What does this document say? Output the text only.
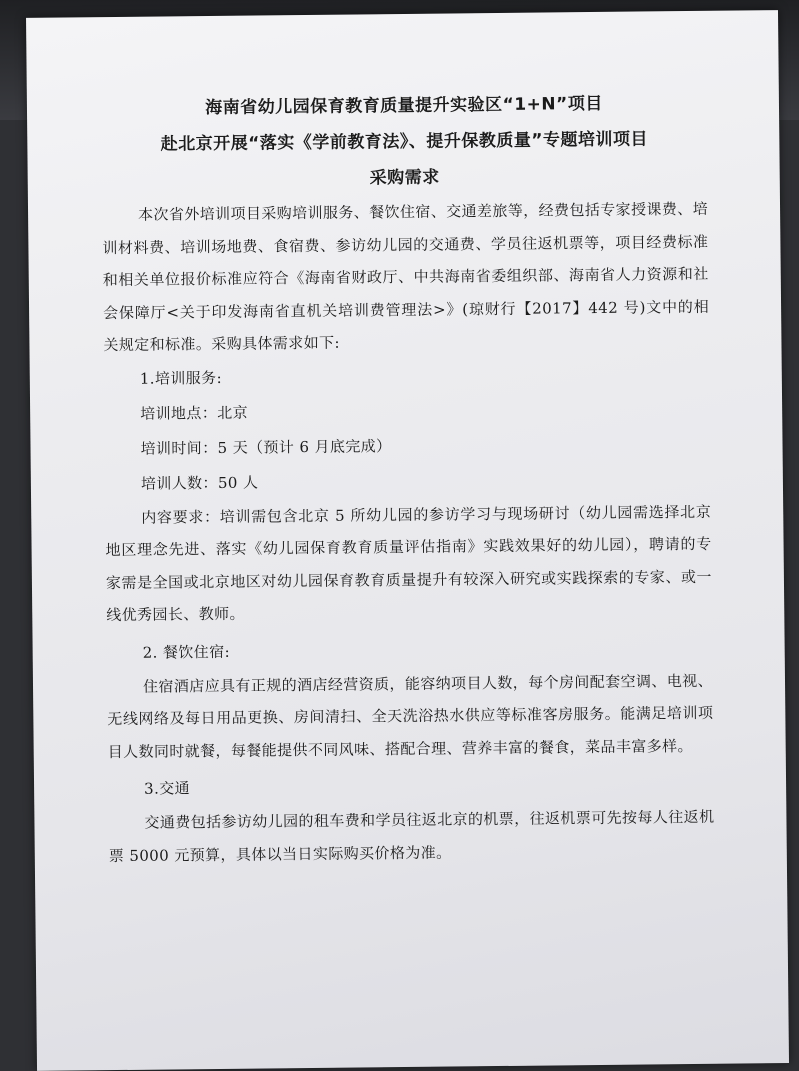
海南省幼儿园保育教育质量提升实验区“1+N”项目
赴北京开展“落实《学前教育法》、提升保教质量”专题培训项目
采购需求
本次省外培训项目采购培训服务、餐饮住宿、交通差旅等，经费包括专家授课费、培训材料费、培训场地费、食宿费、参访幼儿园的交通费、学员往返机票等，项目经费标准和相关单位报价标准应符合《海南省财政厅、中共海南省委组织部、海南省人力资源和社会保障厅<关于印发海南省直机关培训费管理法>》(琼财行【2017】442 号)文中的相关规定和标准。采购具体需求如下:
1.培训服务:
培训地点：北京
培训时间：5 天（预计 6 月底完成）
培训人数：50 人
内容要求：培训需包含北京 5 所幼儿园的参访学习与现场研讨（幼儿园需选择北京地区理念先进、落实《幼儿园保育教育质量评估指南》实践效果好的幼儿园），聘请的专家需是全国或北京地区对幼儿园保育教育质量提升有较深入研究或实践探索的专家、或一线优秀园长、教师。
2. 餐饮住宿:
住宿酒店应具有正规的酒店经营资质，能容纳项目人数，每个房间配套空调、电视、无线网络及每日用品更换、房间清扫、全天洗浴热水供应等标准客房服务。能满足培训项目人数同时就餐，每餐能提供不同风味、搭配合理、营养丰富的餐食，菜品丰富多样。
3.交通
交通费包括参访幼儿园的租车费和学员往返北京的机票，往返机票可先按每人往返机票 5000 元预算，具体以当日实际购买价格为准。
